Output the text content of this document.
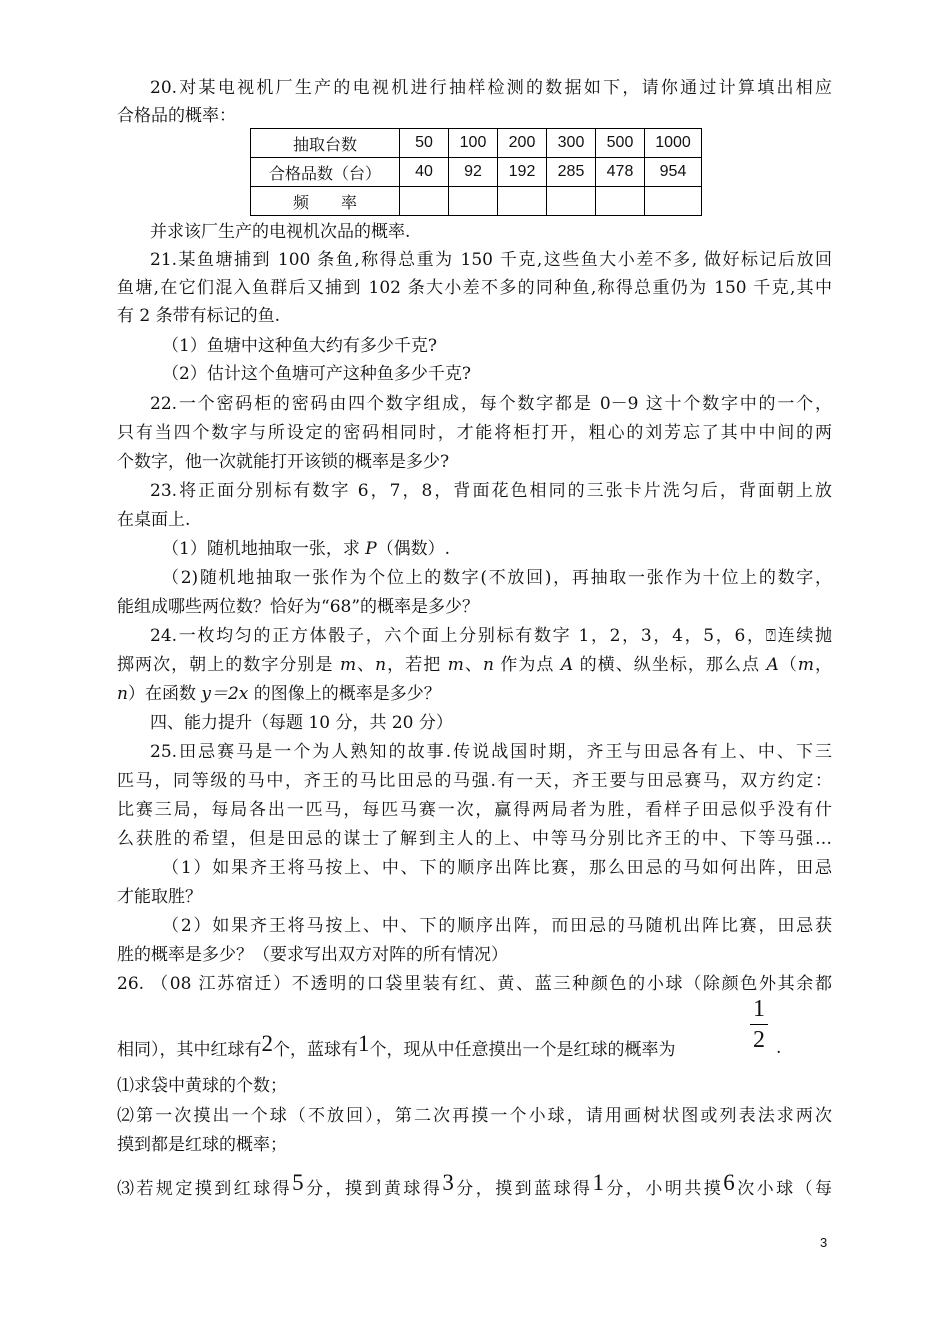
20.对某电视机厂生产的电视机进行抽样检测的数据如下，请你通过计算填出相应
合格品的概率：
抽取台数	50	100	200	300	500	1000
合格品数（台）	40	92	192	285	478	954
频　　率						
并求该厂生产的电视机次品的概率.
21.某鱼塘捕到 100 条鱼,称得总重为 150 千克,这些鱼大小差不多, 做好标记后放回
鱼塘,在它们混入鱼群后又捕到 102 条大小差不多的同种鱼,称得总重仍为 150 千克,其中
有 2 条带有标记的鱼.
（1）鱼塘中这种鱼大约有多少千克?
（2）估计这个鱼塘可产这种鱼多少千克?
22.一个密码柜的密码由四个数字组成，每个数字都是 0－9 这十个数字中的一个，
只有当四个数字与所设定的密码相同时，才能将柜打开，粗心的刘芳忘了其中中间的两
个数字，他一次就能打开该锁的概率是多少?
23.将正面分别标有数字 6，7，8，背面花色相同的三张卡片洗匀后，背面朝上放
在桌面上.
（1）随机地抽取一张，求 P（偶数）.
（2)随机地抽取一张作为个位上的数字(不放回)，再抽取一张作为十位上的数字，
能组成哪些两位数？恰好为“68”的概率是多少？
24.一枚均匀的正方体骰子，六个面上分别标有数字 1，2，3，4，5，6，⍰连续抛
掷两次，朝上的数字分别是 m、n，若把 m、n 作为点 A 的横、纵坐标，那么点 A（m，
n）在函数 y＝2x 的图像上的概率是多少？
四、能力提升（每题 10 分，共 20 分）
25.田忌赛马是一个为人熟知的故事.传说战国时期，齐王与田忌各有上、中、下三
匹马，同等级的马中，齐王的马比田忌的马强.有一天，齐王要与田忌赛马，双方约定：
比赛三局，每局各出一匹马，每匹马赛一次，赢得两局者为胜，看样子田忌似乎没有什
么获胜的希望，但是田忌的谋士了解到主人的上、中等马分别比齐王的中、下等马强…
（1）如果齐王将马按上、中、下的顺序出阵比赛，那么田忌的马如何出阵，田忌
才能取胜？
（2）如果齐王将马按上、中、下的顺序出阵，而田忌的马随机出阵比赛，田忌获
胜的概率是多少？（要求写出双方对阵的所有情况）
26. （08 江苏宿迁）不透明的口袋里装有红、黄、蓝三种颜色的小球（除颜色外其余都
1
2
相同），其中红球有2个，蓝球有1个，现从中任意摸出一个是红球的概率为	.
⑴求袋中黄球的个数；
⑵第一次摸出一个球（不放回），第二次再摸一个小球，请用画树状图或列表法求两次
摸到都是红球的概率；
⑶若规定摸到红球得5分，摸到黄球得3分，摸到蓝球得1分，小明共摸6次小球（每
3
